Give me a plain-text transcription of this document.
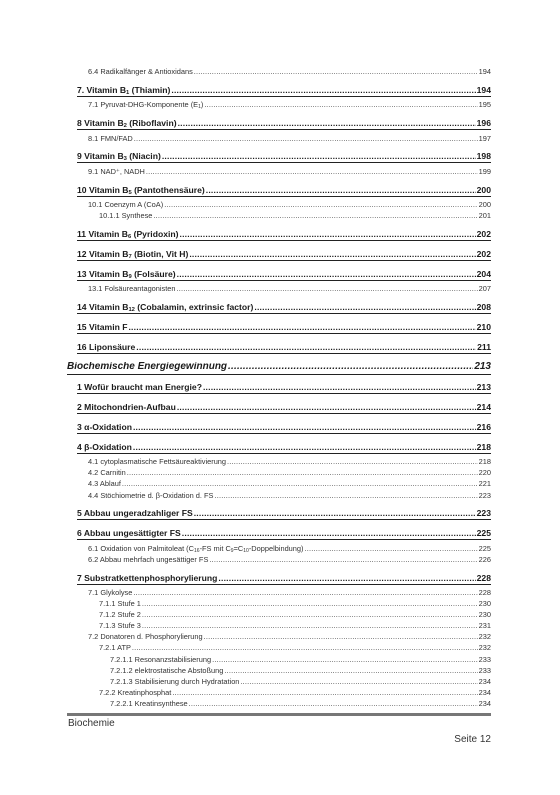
6.4 Radikalfänger & Antioxidans .....	194
7. Vitamin $B_1$ (Thiamin) .....	194
7.1 Pyruvat-DHG-Komponente $(E_1)$ .....	195
8 Vitamin $B_2$ (Riboflavin) .....	196
8.1 FMN/FAD .....	197
9 Vitamin $B_3$ (Niacin) .....	198
9.1 NAD⁺, NADH .....	199
10 Vitamin $B_5$ (Pantothensäure) .....	200
10.1 Coenzym A (CoA) .....	200
10.1.1 Synthese .....	201
11 Vitamin $B_6$ (Pyridoxin) .....	202
12 Vitamin $B_7$ (Biotin, Vit H) .....	202
13 Vitamin $B_9$ (Folsäure) .....	204
13.1 Folsäureantagonisten .....	207
14 Vitamin $B_{12}$ (Cobalamin, extrinsic factor) .....	208
15 Vitamin F .....	210
16 Liponsäure .....	211
Biochemische Energiegewinnung .....	213
1 Wofür braucht man Energie? .....	213
2 Mitochondrien-Aufbau .....	214
3 α-Oxidation .....	216
4 β-Oxidation .....	218
4.1 cytoplasmatische Fettsäureaktivierung .....	218
4.2 Carnitin .....	220
4.3 Ablauf .....	221
4.4 Stöchiometrie d. β-Oxidation d. FS .....	223
5 Abbau ungeradzahliger FS .....	223
6 Abbau ungesättigter FS .....	225
6.1 Oxidation von Palmitoleat ($C_{16}-FS$ mit $C_9=C_{10}-Doppelbindung$) .....	225
6.2 Abbau mehrfach ungesättiger FS .....	226
7 Substratkettenphosphorylierung .....	228
7.1 Glykolyse .....	228
7.1.1 Stufe 1 .....	230
7.1.2 Stufe 2 .....	230
7.1.3 Stufe 3 .....	231
7.2 Donatoren d. Phosphorylierung .....	232
7.2.1 ATP .....	232
7.2.1.1 Resonanzstabilisierung .....	233
7.2.1.2 elektrostatische Abstoßung .....	233
7.2.1.3 Stabilisierung durch Hydratation .....	234
7.2.2 Kreatinphosphat .....	234
7.2.2.1 Kreatinsynthese .....	234
Biochemie
Seite 12
